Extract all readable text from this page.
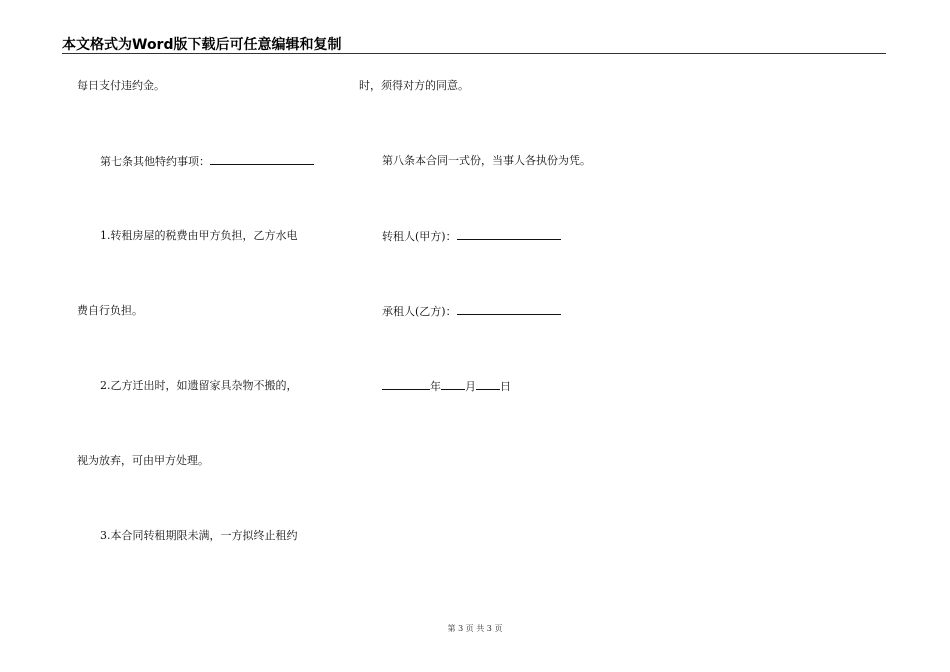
本文格式为Word版下载后可任意编辑和复制
每日支付违约金。
第七条其他特约事项：
1.转租房屋的税费由甲方负担，乙方水电
费自行负担。
2.乙方迁出时，如遗留家具杂物不搬的，
视为放弃，可由甲方处理。
3.本合同转租期限未满，一方拟终止租约
时，须得对方的同意。
第八条本合同一式份，当事人各执份为凭。
转租人(甲方)：
承租人(乙方)：
年 月 日
第 3 页 共 3 页
